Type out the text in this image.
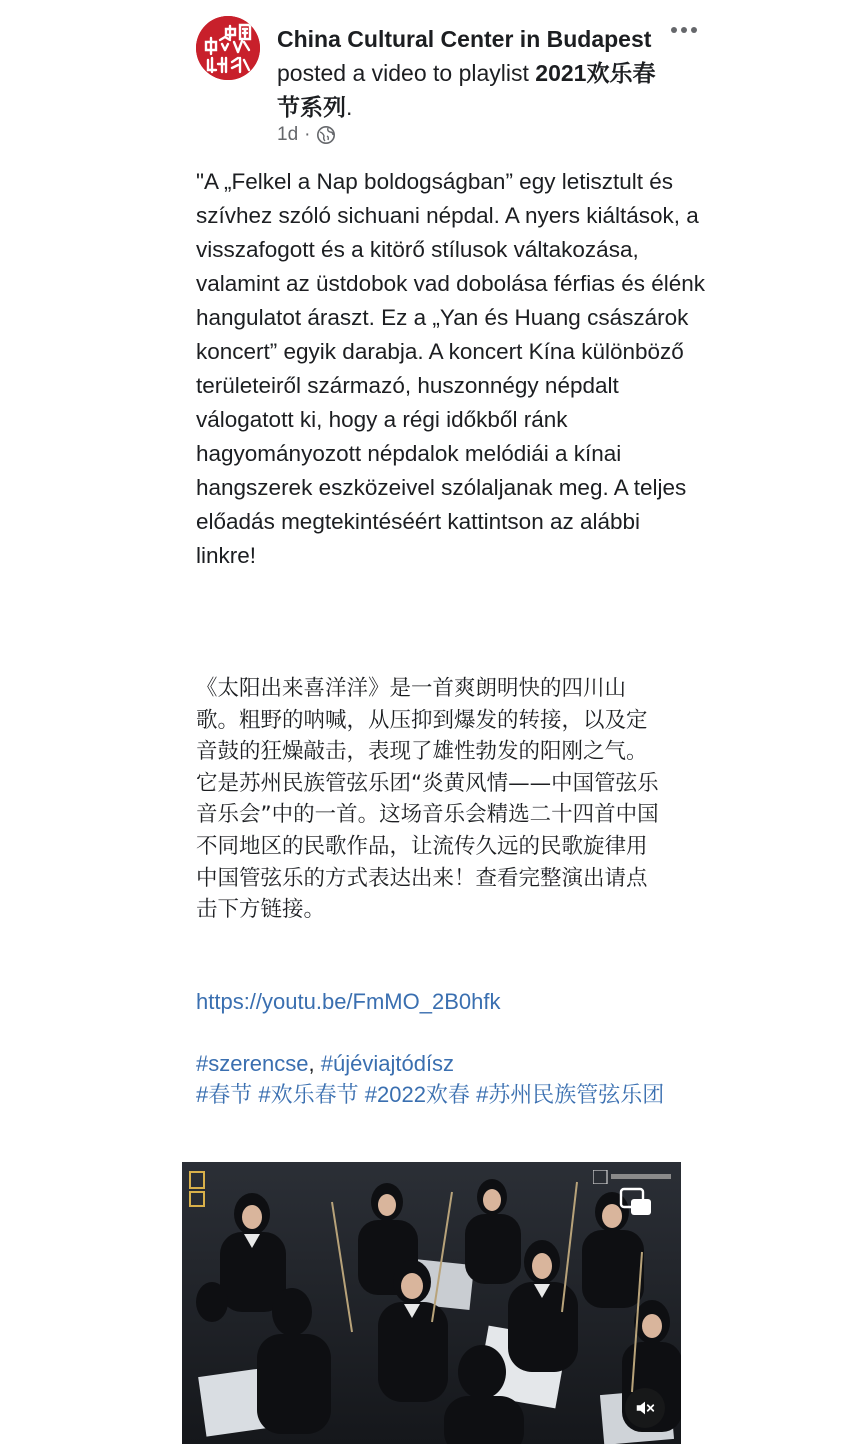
China Cultural Center in Budapest posted a video to playlist 2021欢乐春节系列.
1d ·
"A „Felkel a Nap boldogságban” egy letisztult és szívhez szóló sichuani népdal. A nyers kiáltások, a visszafogott és a kitörő stílusok váltakozása, valamint az üstdobok vad dobolása férfias és élénk hangulatot áraszt. Ez a „Yan és Huang császárok koncert” egyik darabja. A koncert Kína különböző területeiről származó, huszonnégy népdalt válogatott ki, hogy a régi időkből ránk hagyományozott népdalok melódiái a kínai hangszerek eszközeivel szólaljanak meg. A teljes előadás megtekintéséért kattintson az alábbi linkre!
《太阳出来喜洋洋》是一首爽朗明快的四川山歌。粗野的呐喊，从压抑到爆发的转接，以及定音鼓的狂燥敲击，表现了雄性勃发的阳刚之气。它是苏州民族管弦乐团“炎黄风情——中国管弦乐音乐会”中的一首。这场音乐会精选二十四首中国不同地区的民歌作品，让流传久远的民歌旋律用中国管弦乐的方式表达出来！查看完整演出请点击下方链接。
https://youtu.be/FmMO_2B0hfk
#szerencse, #újéviajtódísz
#春节 #欢乐春节 #2022欢春 #苏州民族管弦乐团
